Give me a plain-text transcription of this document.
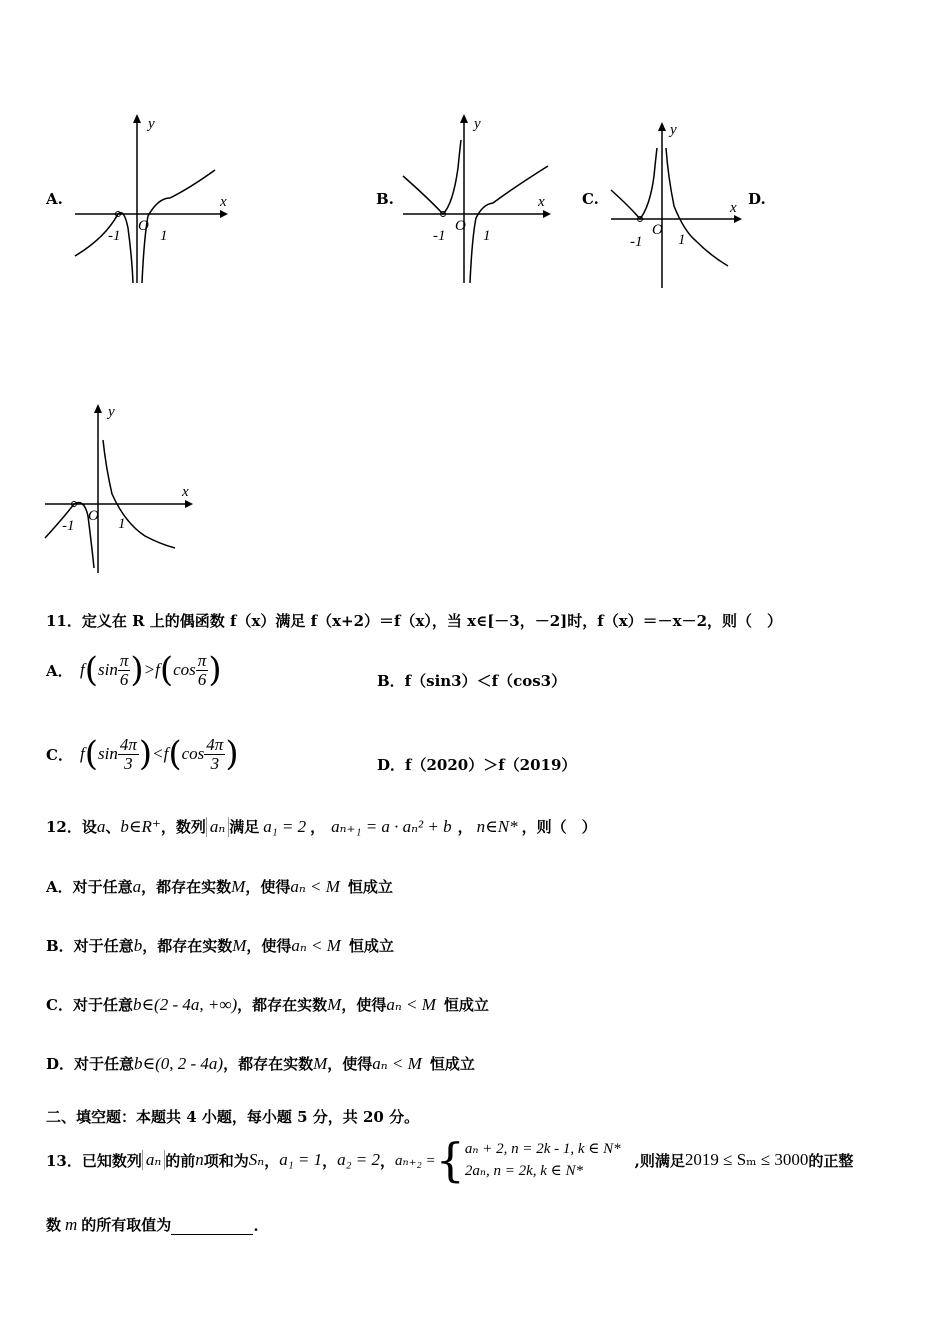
A.
y
x
-1	1
O
B.
y
x
-1	1
O
C.
y
x
-1 1
O
D.
y
x
-1	1
O
11．定义在 R 上的偶函数 f（x）满足 f（x+2）＝f（x），当 x∈[－3，－2]时，f（x）＝－x－2，则（　）
A． f ( $\sin \frac{\pi}{6}$ ) > f ( $\cos \frac{\pi}{6}$ )	B．f（sin3）＜f（cos3）
C． f ( $\sin \frac{4\pi}{3}$ ) < f ( $\cos \frac{4\pi}{3}$ )	D．f（2020）＞f（2019）
12．设 a 、 b∈R⁺ ，数列 aₙ 满足 a₁ = 2 ， aₙ₊₁ = a · aₙ² + b ， n∈N* ，则（　）
A．对于任意 a ，都存在实数 M ，使得 aₙ < M 恒成立
B．对于任意 b ，都存在实数 M ，使得 aₙ < M 恒成立
C．对于任意 b∈(2 - 4a, +∞) ，都存在实数 M ，使得 aₙ < M 恒成立
D．对于任意 b∈(0, 2 - 4a) ，都存在实数 M ，使得 aₙ < M 恒成立
二、填空题：本题共 4 小题，每小题 5 分，共 20 分。
13．已知数列 aₙ 的前 n 项和为 Sₙ ， a₁ = 1 ， a₂ = 2 ， aₙ₊₂ = { aₙ + 2, n = 2k - 1, k ∈ N*
2aₙ, n = 2k, k ∈ N*
,则满足 2019 ≤ Sₘ ≤ 3000 的正整
数 m 的所有取值为	.
